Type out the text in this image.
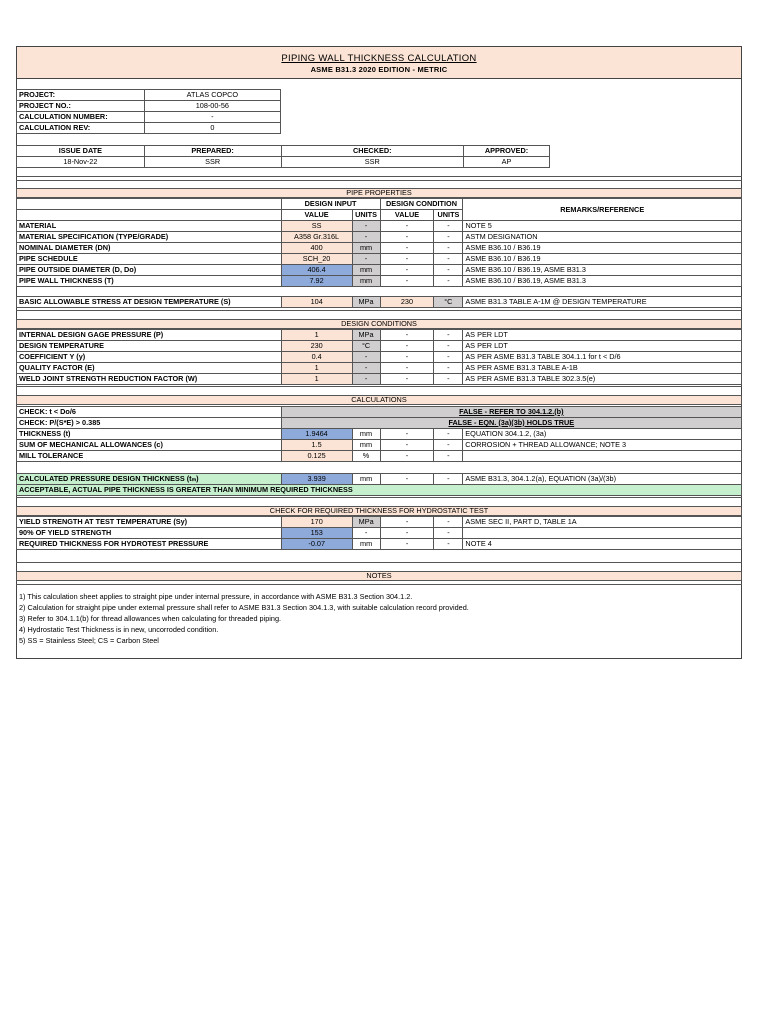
PIPING WALL THICKNESS CALCULATION
ASME B31.3 2020 EDITION - METRIC
PROJECT:	ATLAS COPCO
PROJECT NO.:	108-00-56
CALCULATION NUMBER:	-
CALCULATION REV:	0
ISSUE DATE	PREPARED:	CHECKED:	APPROVED:
18-Nov-22	SSR	SSR	AP
PIPE PROPERTIES
	DESIGN INPUT		DESIGN CONDITION		REMARKS/REFERENCE
	VALUE	UNITS	VALUE	UNITS	
MATERIAL	SS	-	-	-	NOTE 5
MATERIAL SPECIFICATION (TYPE/GRADE)	A358 Gr.316L	-	-	-	ASTM DESIGNATION
NOMINAL DIAMETER (DN)	400	mm	-	-	ASME B36.10 / B36.19
PIPE SCHEDULE	SCH_20	-	-	-	ASME B36.10 / B36.19
PIPE OUTSIDE DIAMETER (D, Do)	406.4	mm	-	-	ASME B36.10 / B36.19, ASME B31.3
PIPE WALL THICKNESS (T)	7.92	mm	-	-	ASME B36.10 / B36.19, ASME B31.3
BASIC ALLOWABLE STRESS AT DESIGN TEMPERATURE (S)	104	MPa	230	°C	ASME B31.3 TABLE A-1M @ DESIGN TEMPERATURE
DESIGN CONDITIONS
INTERNAL DESIGN GAGE PRESSURE (P)	1	MPa	-	-	AS PER LDT
DESIGN TEMPERATURE	230	°C	-	-	AS PER LDT
COEFFICIENT Y (y)	0.4	-	-	-	AS PER ASME B31.3 TABLE 304.1.1 for t < D/6
QUALITY FACTOR (E)	1	-	-	-	AS PER ASME B31.3 TABLE A-1B
WELD JOINT STRENGTH REDUCTION FACTOR (W)	1	-	-	-	AS PER ASME B31.3 TABLE 302.3.5(e)
CALCULATIONS
CHECK: t < Do/6	FALSE - REFER TO 304.1.2.(b)
CHECK: P/(S*E) > 0.385	FALSE - EQN. (3a)(3b) HOLDS TRUE
THICKNESS (t)	1.9464	mm	-	-	EQUATION 304.1.2, (3a)
SUM OF MECHANICAL ALLOWANCES (c)	1.5	mm	-	-	CORROSION + THREAD ALLOWANCE; NOTE 3
MILL TOLERANCE	0.125	%	-	-	
CALCULATED PRESSURE DESIGN THICKNESS (tₘ)	3.939	mm	-	-	ASME B31.3, 304.1.2(a), EQUATION (3a)/(3b)
ACCEPTABLE, ACTUAL PIPE THICKNESS IS GREATER THAN MINIMUM REQUIRED THICKNESS
CHECK FOR REQUIRED THICKNESS FOR HYDROSTATIC TEST
YIELD STRENGTH AT TEST TEMPERATURE (Sy)	170	MPa	-	-	ASME SEC II, PART D, TABLE 1A
90% OF YIELD STRENGTH	153	-	-	-	
REQUIRED THICKNESS FOR HYDROTEST PRESSURE	-0.07	mm	-	-	NOTE 4
NOTES
1) This calculation sheet applies to straight pipe under internal pressure, in accordance with ASME B31.3 Section 304.1.2.
2) Calculation for straight pipe under external pressure shall refer to ASME B31.3 Section 304.1.3, with suitable calculation record provided.
3) Refer to 304.1.1(b) for thread allowances when calculating for threaded piping.
4) Hydrostatic Test Thickness is in new, uncorroded condition.
5) SS = Stainless Steel; CS = Carbon Steel
